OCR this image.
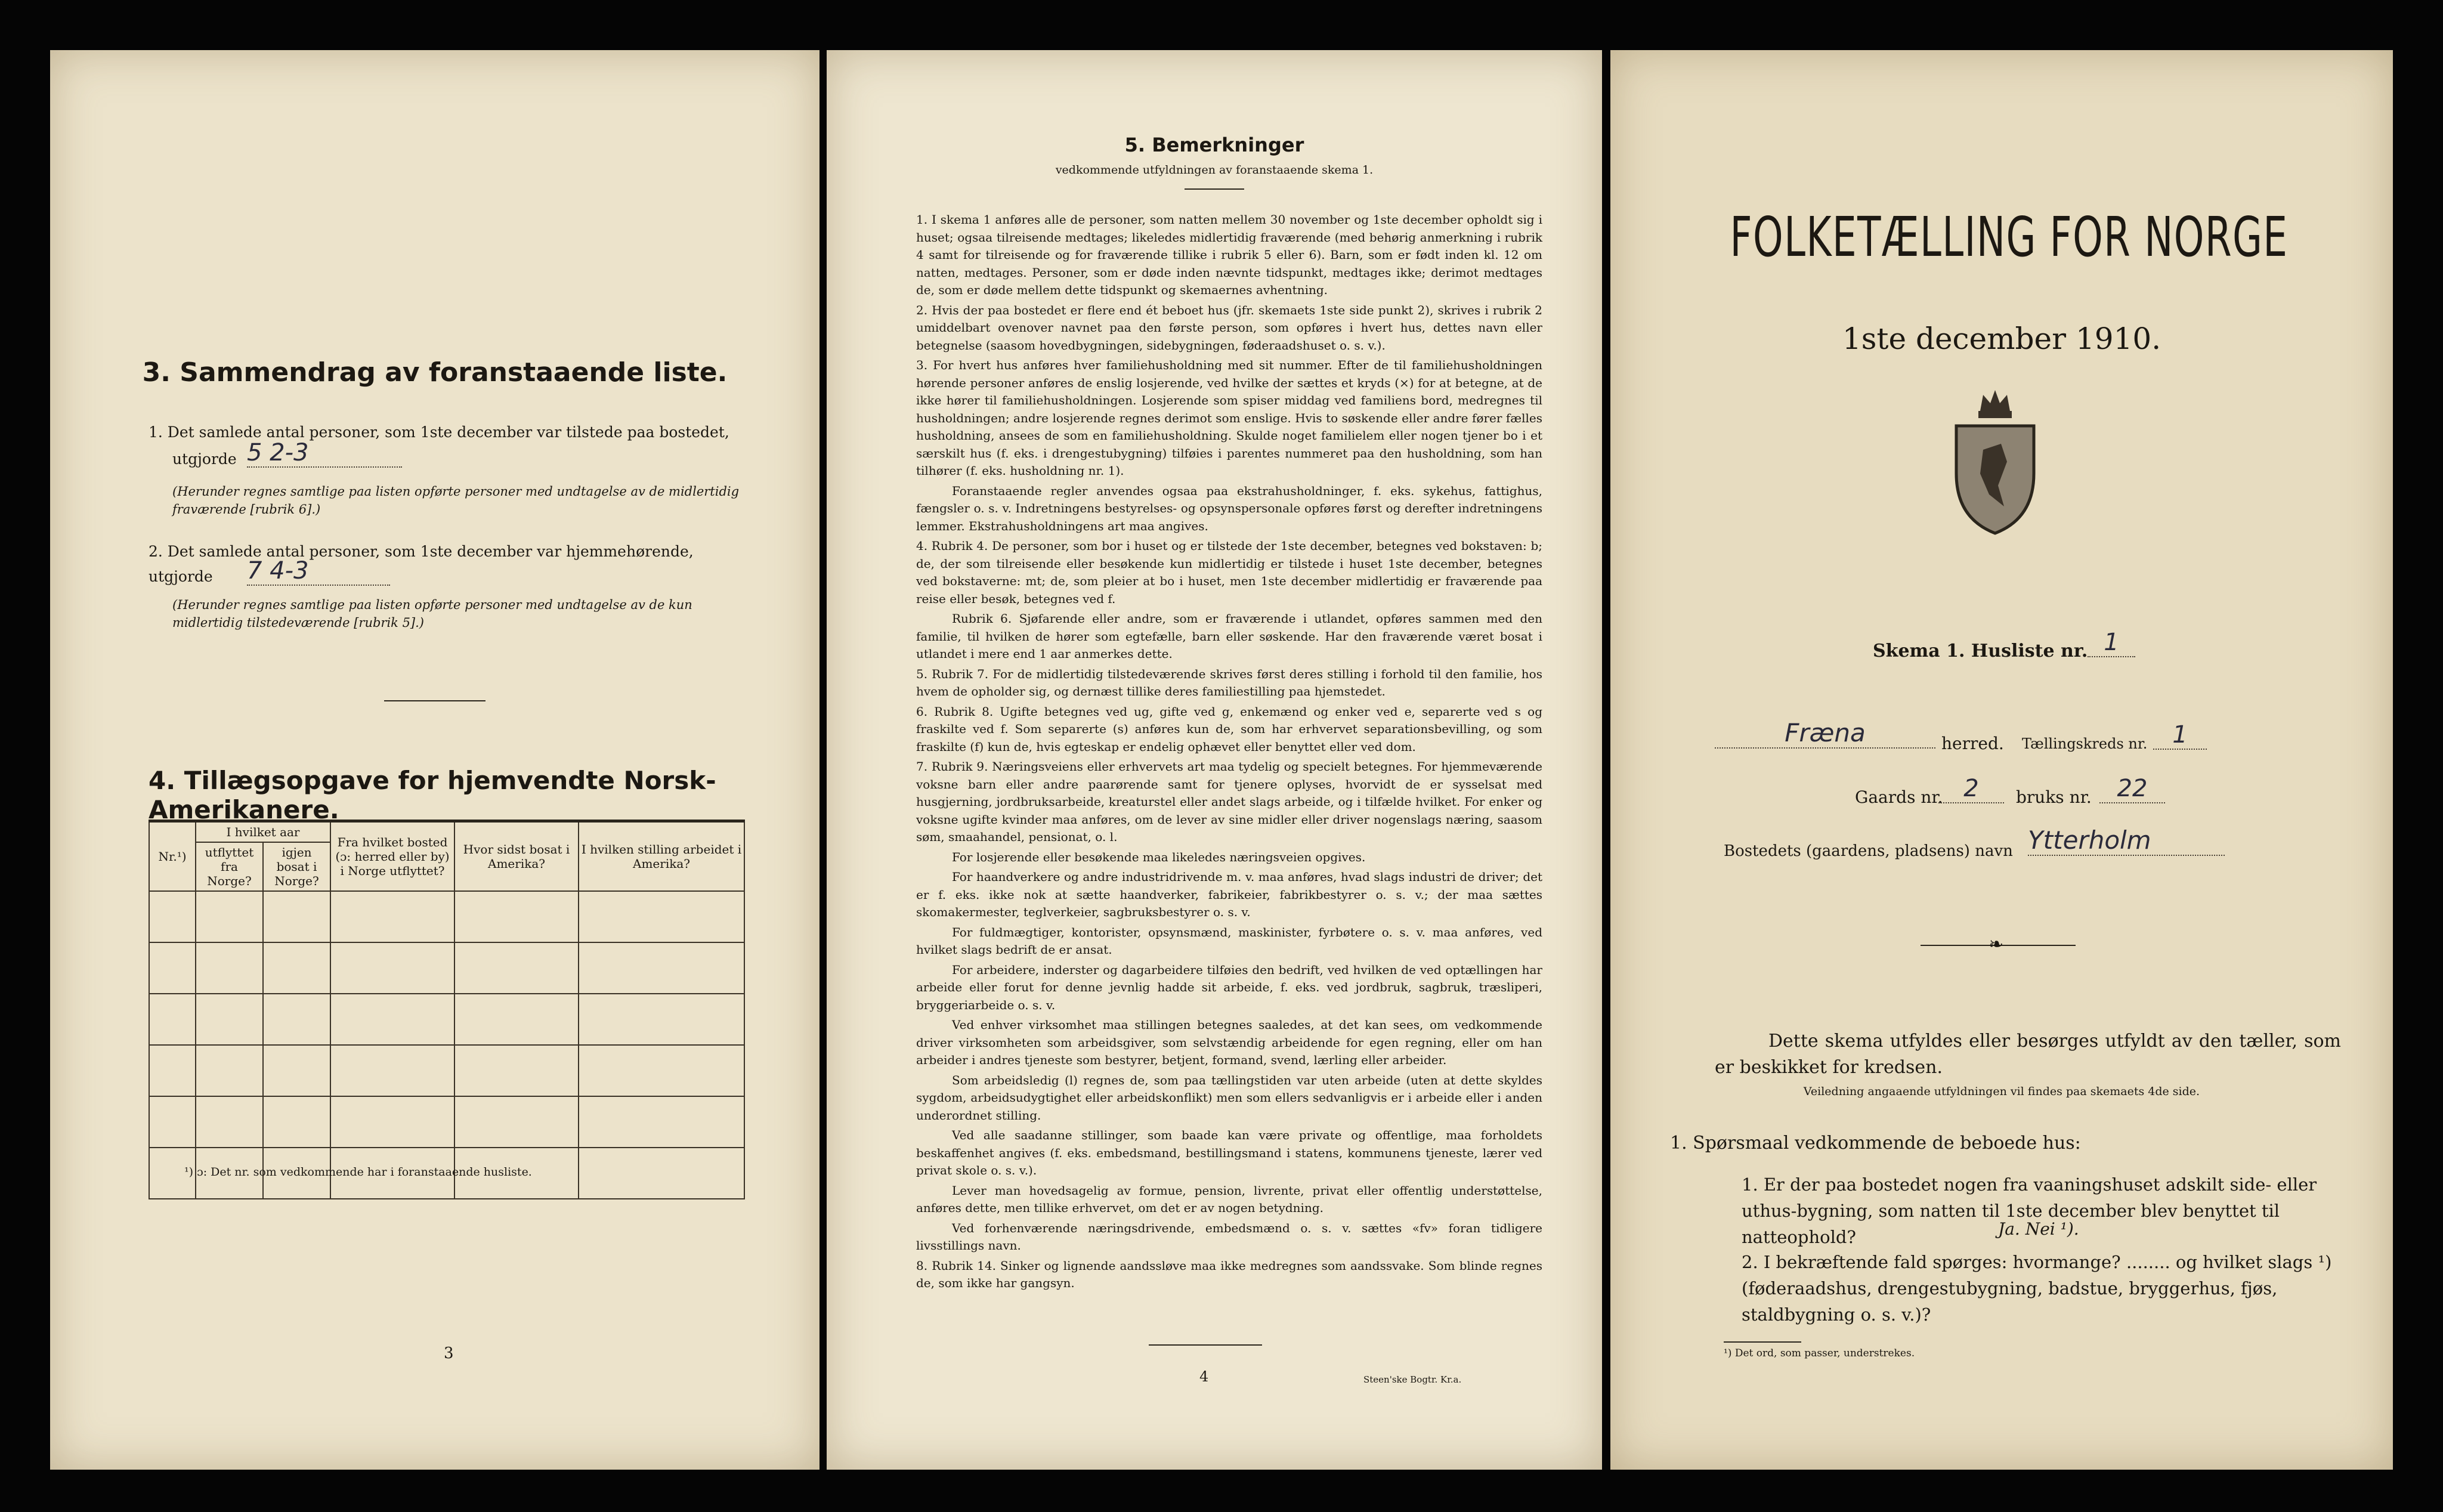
3. Sammendrag av foranstaaende liste.
1. Det samlede antal personer, som 1ste december var tilstede paa bostedet,
utgjorde 5 2-3
(Herunder regnes samtlige paa listen opførte personer med undtagelse av de midlertidig fraværende [rubrik 6].)
2. Det samlede antal personer, som 1ste december var hjemmehørende, utgjorde	7 4-3
(Herunder regnes samtlige paa listen opførte personer med undtagelse av de kun midlertidig tilstedeværende [rubrik 5].)
4. Tillægsopgave for hjemvendte Norsk-Amerikanere.
Nr.¹)	I hvilket aar		Fra hvilket bosted (ɔ: herred eller by) i Norge utflyttet?	Hvor sidst bosat i Amerika?	I hvilken stilling arbeidet i Amerika?
	utflyttet fra Norge?	igjen bosat i Norge?			

¹) ɔ: Det nr. som vedkommende har i foranstaaende husliste.
3
5. Bemerkninger
vedkommende utfyldningen av foranstaaende skema 1.

1. I skema 1 anføres alle de personer, som natten mellem 30 november og 1ste december opholdt sig i huset; ogsaa tilreisende medtages; likeledes midlertidig fraværende (med behørig anmerkning i rubrik 4 samt for tilreisende og for fraværende tillike i rubrik 5 eller 6). Barn, som er født inden kl. 12 om natten, medtages. Personer, som er døde inden nævnte tidspunkt, medtages ikke; derimot medtages de, som er døde mellem dette tidspunkt og skemaernes avhentning.

2. Hvis der paa bostedet er flere end ét beboet hus (jfr. skemaets 1ste side punkt 2), skrives i rubrik 2 umiddelbart ovenover navnet paa den første person, som opføres i hvert hus, dettes navn eller betegnelse (saasom hovedbygningen, sidebygningen, føderaadshuset o. s. v.).

3. For hvert hus anføres hver familiehusholdning med sit nummer. Efter de til familiehusholdningen hørende personer anføres de enslig losjerende, ved hvilke der sættes et kryds (×) for at betegne, at de ikke hører til familiehusholdningen. Losjerende som spiser middag ved familiens bord, medregnes til husholdningen; andre losjerende regnes derimot som enslige. Hvis to søskende eller andre fører fælles husholdning, ansees de som en familiehusholdning. Skulde noget familielem eller nogen tjener bo i et særskilt hus (f. eks. i drengestubygning) tilføies i parentes nummeret paa den husholdning, som han tilhører (f. eks. husholdning nr. 1).

Foranstaaende regler anvendes ogsaa paa ekstrahusholdninger, f. eks. sykehus, fattighus, fængsler o. s. v. Indretningens bestyrelses- og opsynspersonale opføres først og derefter indretningens lemmer. Ekstrahusholdningens art maa angives.

4. Rubrik 4. De personer, som bor i huset og er tilstede der 1ste december, betegnes ved bokstaven: b; de, der som tilreisende eller besøkende kun midlertidig er tilstede i huset 1ste december, betegnes ved bokstaverne: mt; de, som pleier at bo i huset, men 1ste december midlertidig er fraværende paa reise eller besøk, betegnes ved f.

Rubrik 6. Sjøfarende eller andre, som er fraværende i utlandet, opføres sammen med den familie, til hvilken de hører som egtefælle, barn eller søskende. Har den fraværende været bosat i utlandet i mere end 1 aar anmerkes dette.

5. Rubrik 7. For de midlertidig tilstedeværende skrives først deres stilling i forhold til den familie, hos hvem de opholder sig, og dernæst tillike deres familiestilling paa hjemstedet.

6. Rubrik 8. Ugifte betegnes ved ug, gifte ved g, enkemænd og enker ved e, separerte ved s og fraskilte ved f. Som separerte (s) anføres kun de, som har erhvervet separationsbevilling, og som fraskilte (f) kun de, hvis egteskap er endelig ophævet eller benyttet eller ved dom.

7. Rubrik 9. Næringsveiens eller erhvervets art maa tydelig og specielt betegnes. For hjemmeværende voksne barn eller andre paarørende samt for tjenere oplyses, hvorvidt de er sysselsat med husgjerning, jordbruksarbeide, kreaturstel eller andet slags arbeide, og i tilfælde hvilket. For enker og voksne ugifte kvinder maa anføres, om de lever av sine midler eller driver nogenslags næring, saasom søm, smaahandel, pensionat, o. l.

For losjerende eller besøkende maa likeledes næringsveien opgives.

For haandverkere og andre industridrivende m. v. maa anføres, hvad slags industri de driver; det er f. eks. ikke nok at sætte haandverker, fabrikeier, fabrikbestyrer o. s. v.; der maa sættes skomakermester, teglverkeier, sagbruksbestyrer o. s. v.

For fuldmægtiger, kontorister, opsynsmænd, maskinister, fyrbøtere o. s. v. maa anføres, ved hvilket slags bedrift de er ansat.

For arbeidere, inderster og dagarbeidere tilføies den bedrift, ved hvilken de ved optællingen har arbeide eller forut for denne jevnlig hadde sit arbeide, f. eks. ved jordbruk, sagbruk, træsliperi, bryggeriarbeide o. s. v.

Ved enhver virksomhet maa stillingen betegnes saaledes, at det kan sees, om vedkommende driver virksomheten som arbeidsgiver, som selvstændig arbeidende for egen regning, eller om han arbeider i andres tjeneste som bestyrer, betjent, formand, svend, lærling eller arbeider.

Som arbeidsledig (l) regnes de, som paa tællingstiden var uten arbeide (uten at dette skyldes sygdom, arbeidsudygtighet eller arbeidskonflikt) men som ellers sedvanligvis er i arbeide eller i anden underordnet stilling.

Ved alle saadanne stillinger, som baade kan være private og offentlige, maa forholdets beskaffenhet angives (f. eks. embedsmand, bestillingsmand i statens, kommunens tjeneste, lærer ved privat skole o. s. v.).

Lever man hovedsagelig av formue, pension, livrente, privat eller offentlig understøttelse, anføres dette, men tillike erhvervet, om det er av nogen betydning.

Ved forhenværende næringsdrivende, embedsmænd o. s. v. sættes «fv» foran tidligere livsstillings navn.

8. Rubrik 14. Sinker og lignende aandssløve maa ikke medregnes som aandssvake. Som blinde regnes de, som ikke har gangsyn.

4	Steen'ske Bogtr. Kr.a.
FOLKETÆLLING FOR NORGE
1ste december 1910.
Skema 1. Husliste nr. 1
Fræna	herred. Tællingskreds nr.	1
Gaards nr. 2	bruks nr.	22
Bostedets (gaardens, pladsens) navn Ytterholm
❧
Dette skema utfyldes eller besørges utfyldt av den tæller, som er beskikket for kredsen.
Veiledning angaaende utfyldningen vil findes paa skemaets 4de side.
1. Spørsmaal vedkommende de beboede hus:
1. Er der paa bostedet nogen fra vaaningshuset adskilt side- eller uthus-bygning, som natten til 1ste december blev benyttet til natteophold?	Ja. Nei ¹).
2. I bekræftende fald spørges: hvormange? ........ og hvilket slags ¹) (føderaadshus, drengestubygning, badstue, bryggerhus, fjøs, staldbygning o. s. v.)?
¹) Det ord, som passer, understrekes.
